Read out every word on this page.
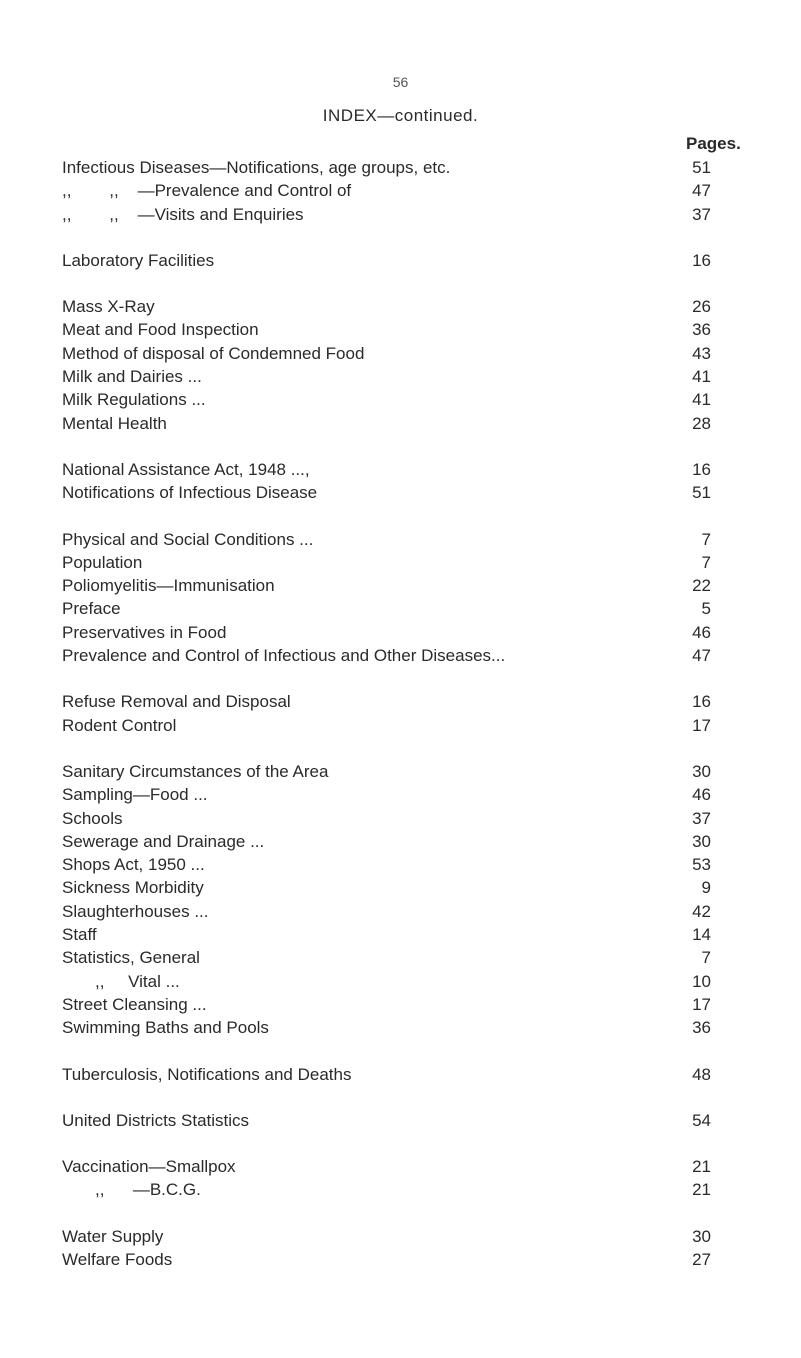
56
INDEX—continued.
Pages.
Infectious Diseases—Notifications, age groups, etc.	51
,,        ,,    —Prevalence and Control of	47
,,        ,,    —Visits and Enquiries	37
Laboratory Facilities	16
Mass X-Ray	26
Meat and Food Inspection	36
Method of disposal of Condemned Food	43
Milk and Dairies ...	41
Milk Regulations ...	41
Mental Health	28
National Assistance Act, 1948 ...,	16
Notifications of Infectious Disease	51
Physical and Social Conditions ...	7
Population	7
Poliomyelitis—Immunisation	22
Preface	5
Preservatives in Food	46
Prevalence and Control of Infectious and Other Diseases...	47
Refuse Removal and Disposal	16
Rodent Control	17
Sanitary Circumstances of the Area	30
Sampling—Food ...	46
Schools	37
Sewerage and Drainage ...	30
Shops Act, 1950 ...	53
Sickness Morbidity	9
Slaughterhouses ...	42
Staff	14
Statistics, General	7
,,     Vital ...	10
Street Cleansing ...	17
Swimming Baths and Pools	36
Tuberculosis, Notifications and Deaths	48
United Districts Statistics	54
Vaccination—Smallpox	21
,,      —B.C.G.	21
Water Supply	30
Welfare Foods	27
